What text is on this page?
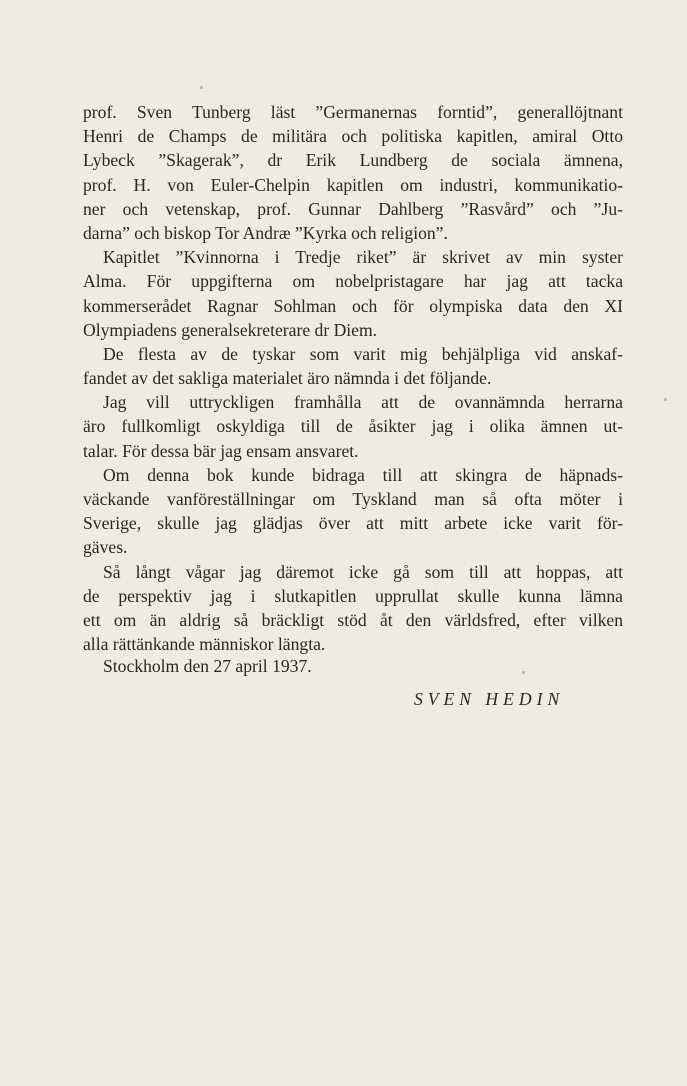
prof. Sven Tunberg läst ”Germanernas forntid”, generallöjtnant
Henri de Champs de militära och politiska kapitlen, amiral Otto
Lybeck ”Skagerak”, dr Erik Lundberg de sociala ämnena,
prof. H. von Euler-Chelpin kapitlen om industri, kommunikatio-
ner och vetenskap, prof. Gunnar Dahlberg ”Rasvård” och ”Ju-
darna” och biskop Tor Andræ ”Kyrka och religion”.
Kapitlet ”Kvinnorna i Tredje riket” är skrivet av min syster
Alma. För uppgifterna om nobelpristagare har jag att tacka
kommerserådet Ragnar Sohlman och för olympiska data den XI
Olympiadens generalsekreterare dr Diem.
De flesta av de tyskar som varit mig behjälpliga vid anskaf-
fandet av det sakliga materialet äro nämnda i det följande.
Jag vill uttryckligen framhålla att de ovannämnda herrarna
äro fullkomligt oskyldiga till de åsikter jag i olika ämnen ut-
talar. För dessa bär jag ensam ansvaret.
Om denna bok kunde bidraga till att skingra de häpnads-
väckande vanföreställningar om Tyskland man så ofta möter i
Sverige, skulle jag glädjas över att mitt arbete icke varit för-
gäves.
Så långt vågar jag däremot icke gå som till att hoppas, att
de perspektiv jag i slutkapitlen upprullat skulle kunna lämna
ett om än aldrig så bräckligt stöd åt den världsfred, efter vilken
alla rättänkande människor längta.
Stockholm den 27 april 1937.
SVEN HEDIN
